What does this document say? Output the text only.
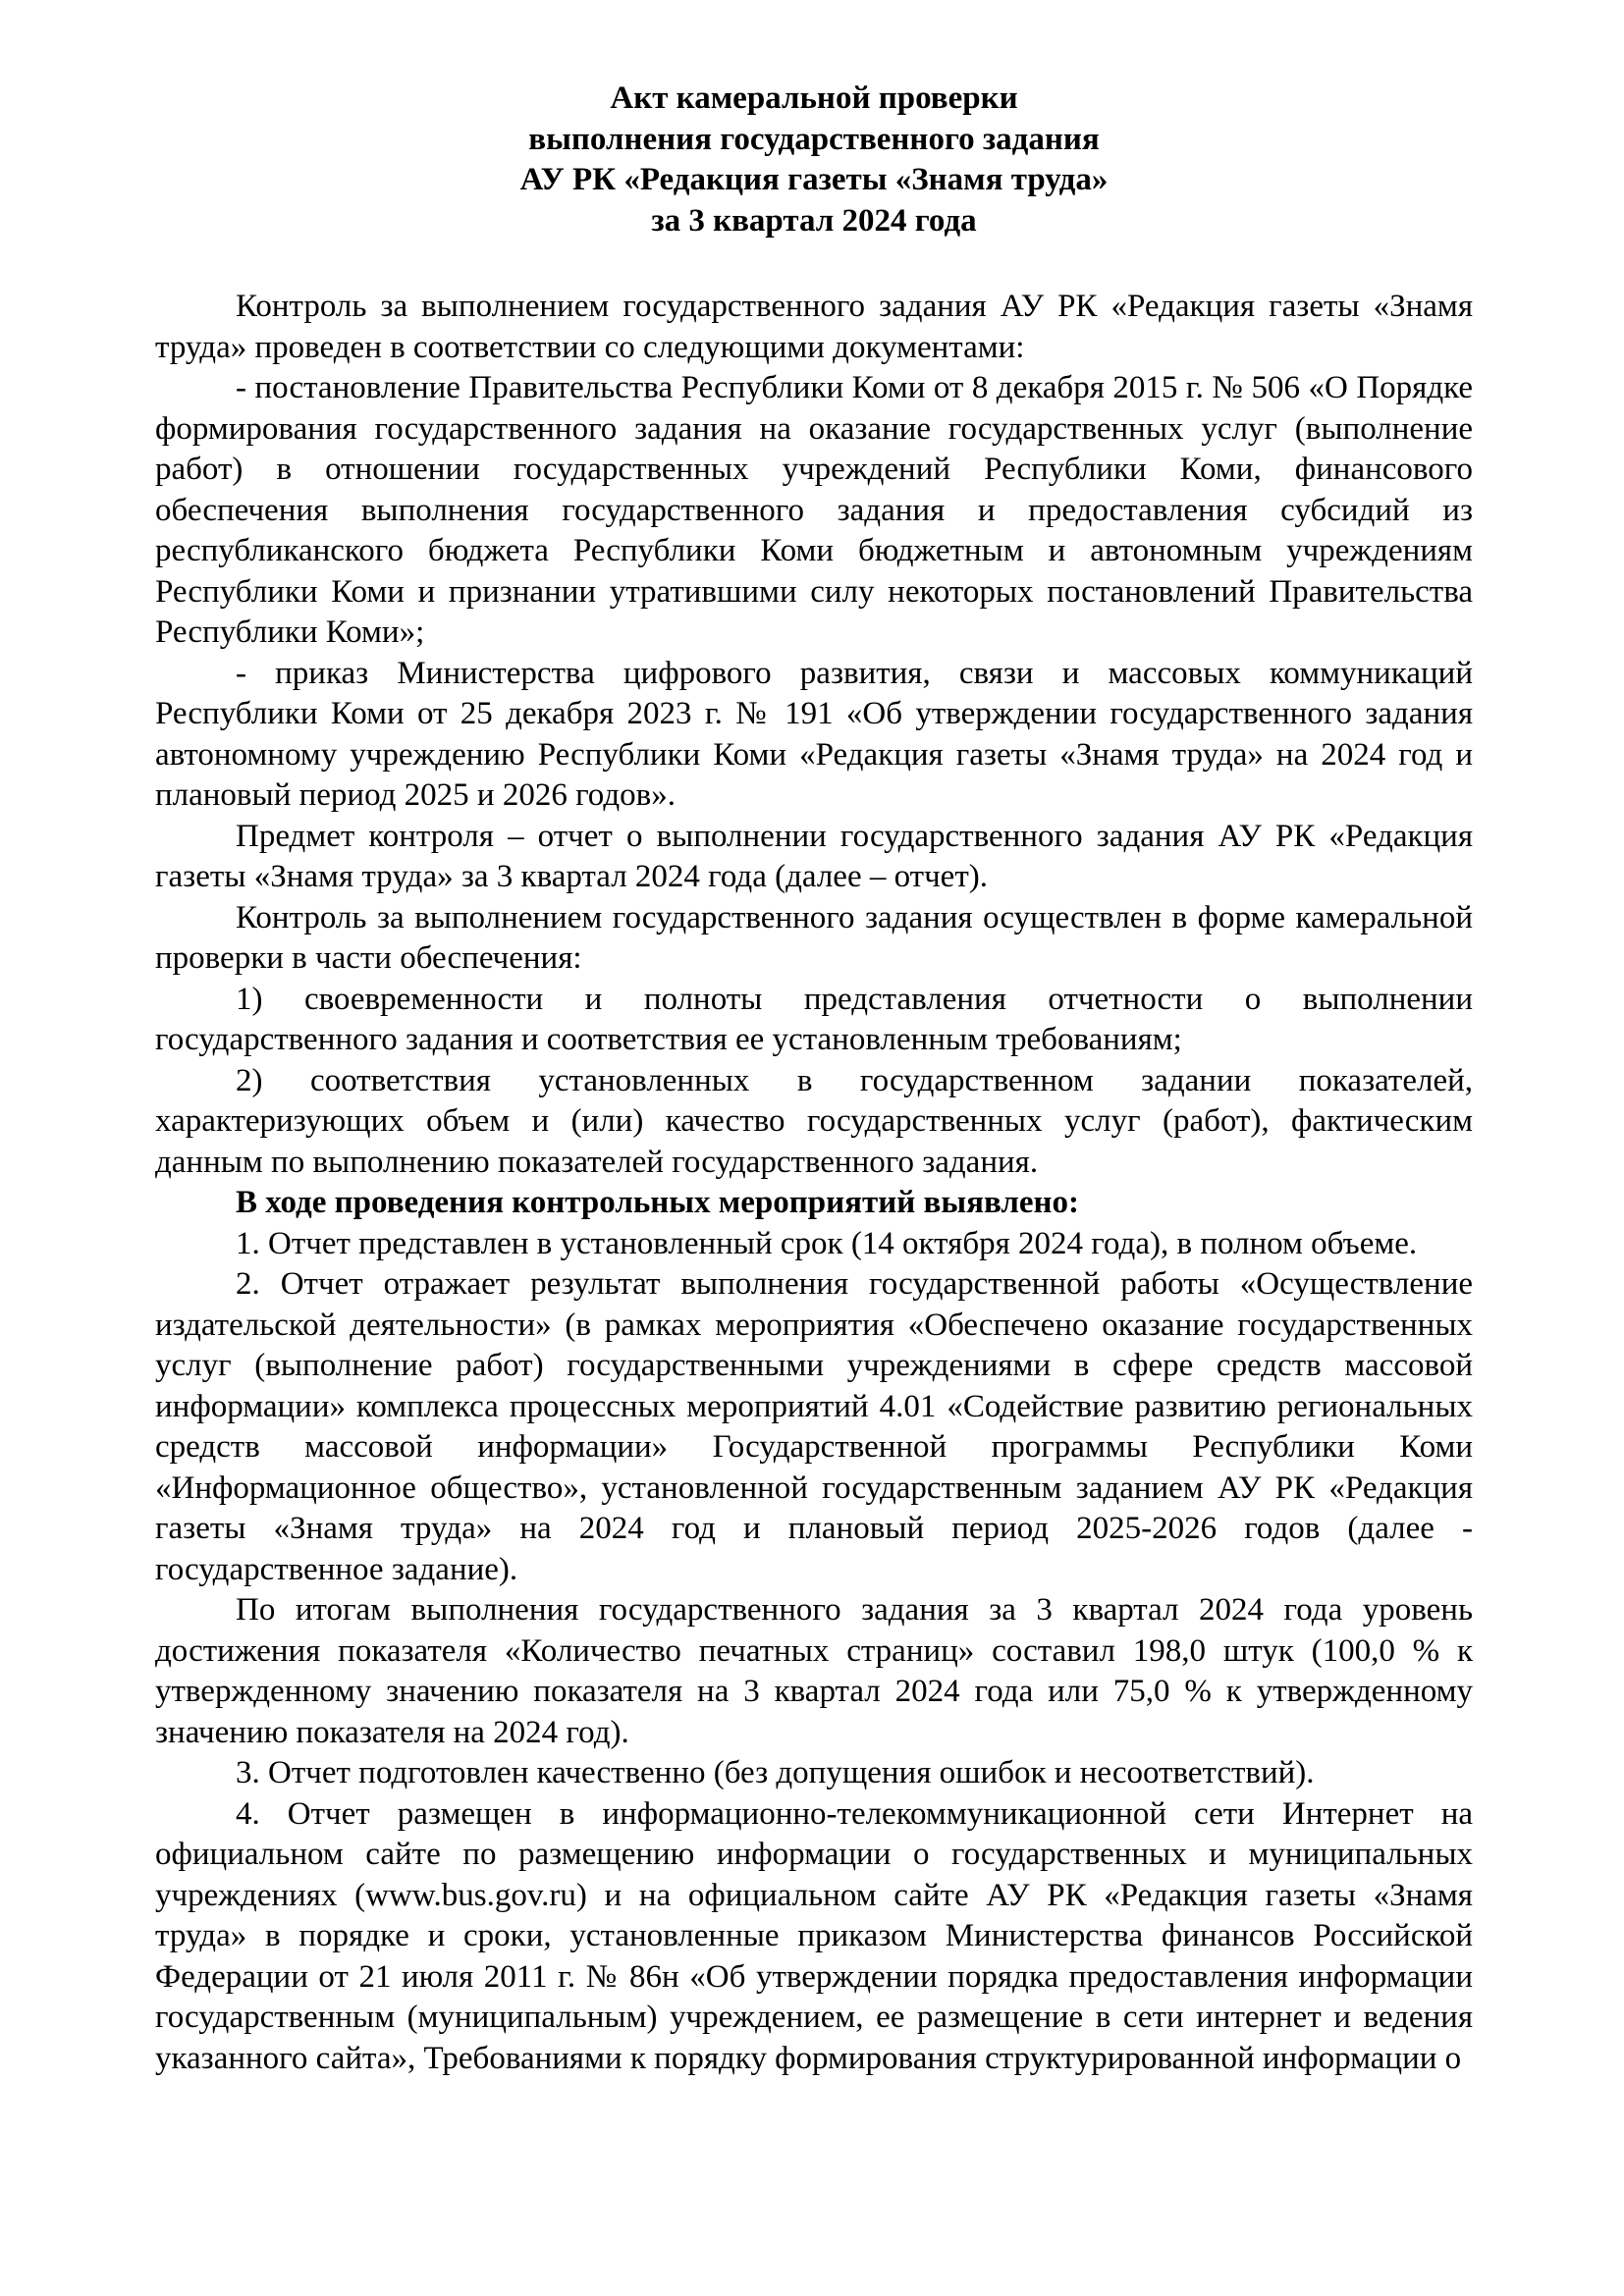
Акт камеральной проверки
выполнения государственного задания
АУ РК «Редакция газеты «Знамя труда»
за 3 квартал 2024 года

Контроль за выполнением государственного задания АУ РК «Редакция газеты «Знамя труда» проведен в соответствии со следующими документами:

- постановление Правительства Республики Коми от 8 декабря 2015 г. № 506 «О Порядке формирования государственного задания на оказание государственных услуг (выполнение работ) в отношении государственных учреждений Республики Коми, финансового обеспечения выполнения государственного задания и предоставления субсидий из республиканского бюджета Республики Коми бюджетным и автономным учреждениям Республики Коми и признании утратившими силу некоторых постановлений Правительства Республики Коми»;

- приказ Министерства цифрового развития, связи и массовых коммуникаций Республики Коми от 25 декабря 2023 г. № 191 «Об утверждении государственного задания автономному учреждению Республики Коми «Редакция газеты «Знамя труда» на 2024 год и плановый период 2025 и 2026 годов».

Предмет контроля – отчет о выполнении государственного задания АУ РК «Редакция газеты «Знамя труда» за 3 квартал 2024 года (далее – отчет).

Контроль за выполнением государственного задания осуществлен в форме камеральной проверки в части обеспечения:

1) своевременности и полноты представления отчетности о выполнении государственного задания и соответствия ее установленным требованиям;

2) соответствия установленных в государственном задании показателей, характеризующих объем и (или) качество государственных услуг (работ), фактическим данным по выполнению показателей государственного задания.

В ходе проведения контрольных мероприятий выявлено:

1. Отчет представлен в установленный срок (14 октября 2024 года), в полном объеме.

2. Отчет отражает результат выполнения государственной работы «Осуществление издательской деятельности» (в рамках мероприятия «Обеспечено оказание государственных услуг (выполнение работ) государственными учреждениями в сфере средств массовой информации» комплекса процессных мероприятий 4.01 «Содействие развитию региональных средств массовой информации» Государственной программы Республики Коми «Информационное общество», установленной государственным заданием АУ РК «Редакция газеты «Знамя труда» на 2024 год и плановый период 2025-2026 годов (далее - государственное задание).

По итогам выполнения государственного задания за 3 квартал 2024 года уровень достижения показателя «Количество печатных страниц» составил 198,0 штук (100,0 % к утвержденному значению показателя на 3 квартал 2024 года или 75,0 % к утвержденному значению показателя на 2024 год).

3. Отчет подготовлен качественно (без допущения ошибок и несоответствий).

4. Отчет размещен в информационно-телекоммуникационной сети Интернет на официальном сайте по размещению информации о государственных и муниципальных учреждениях (www.bus.gov.ru) и на официальном сайте АУ РК «Редакция газеты «Знамя труда» в порядке и сроки, установленные приказом Министерства финансов Российской Федерации от 21 июля 2011 г. № 86н «Об утверждении порядка предоставления информации государственным (муниципальным) учреждением, ее размещение в сети интернет и ведения указанного сайта», Требованиями к порядку формирования структурированной информации о
